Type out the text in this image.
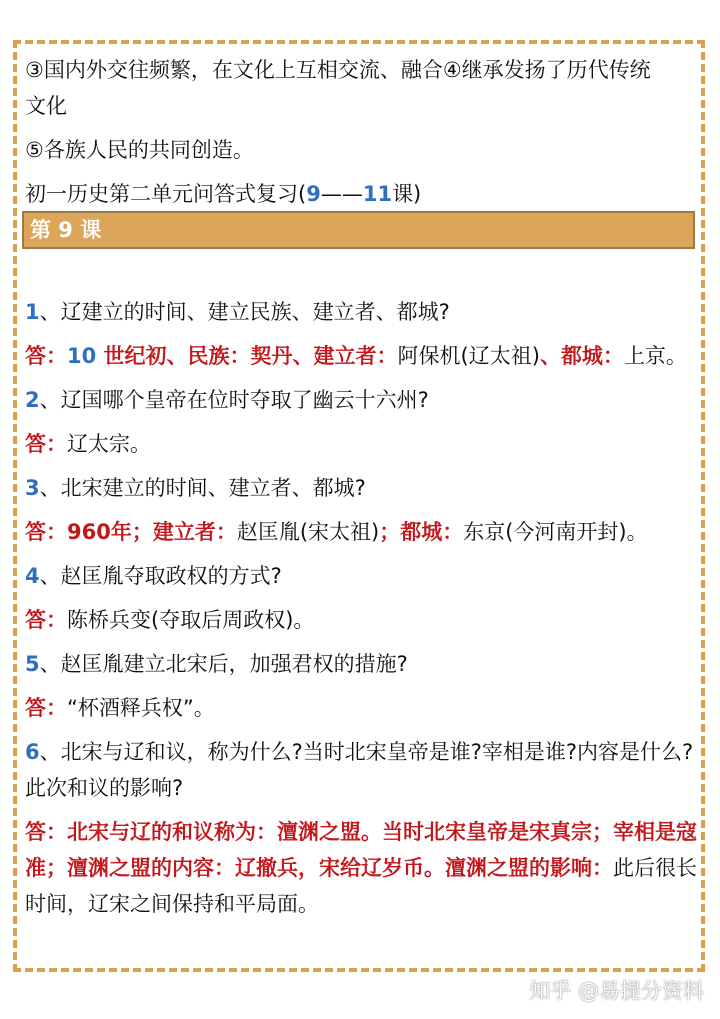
③国内外交往频繁，在文化上互相交流、融合④继承发扬了历代传统
文化

⑤各族人民的共同创造。

初一历史第二单元问答式复习(9——11课)

第 9 课

1、辽建立的时间、建立民族、建立者、都城?

答：10 世纪初、民族：契丹、建立者：阿保机(辽太祖)、都城：上京。

2、辽国哪个皇帝在位时夺取了幽云十六州?

答：辽太宗。

3、北宋建立的时间、建立者、都城?

答：960年；建立者：赵匡胤(宋太祖)；都城：东京(今河南开封)。

4、赵匡胤夺取政权的方式?

答：陈桥兵变(夺取后周政权)。

5、赵匡胤建立北宋后，加强君权的措施?

答：“杯酒释兵权”。

6、北宋与辽和议，称为什么?当时北宋皇帝是谁?宰相是谁?内容是什么?此次和议的影响?

答：北宋与辽的和议称为：澶渊之盟。当时北宋皇帝是宋真宗；宰相是寇准；澶渊之盟的内容：辽撤兵，宋给辽岁币。澶渊之盟的影响：此后很长时间，辽宋之间保持和平局面。

知乎 @易提分资料
